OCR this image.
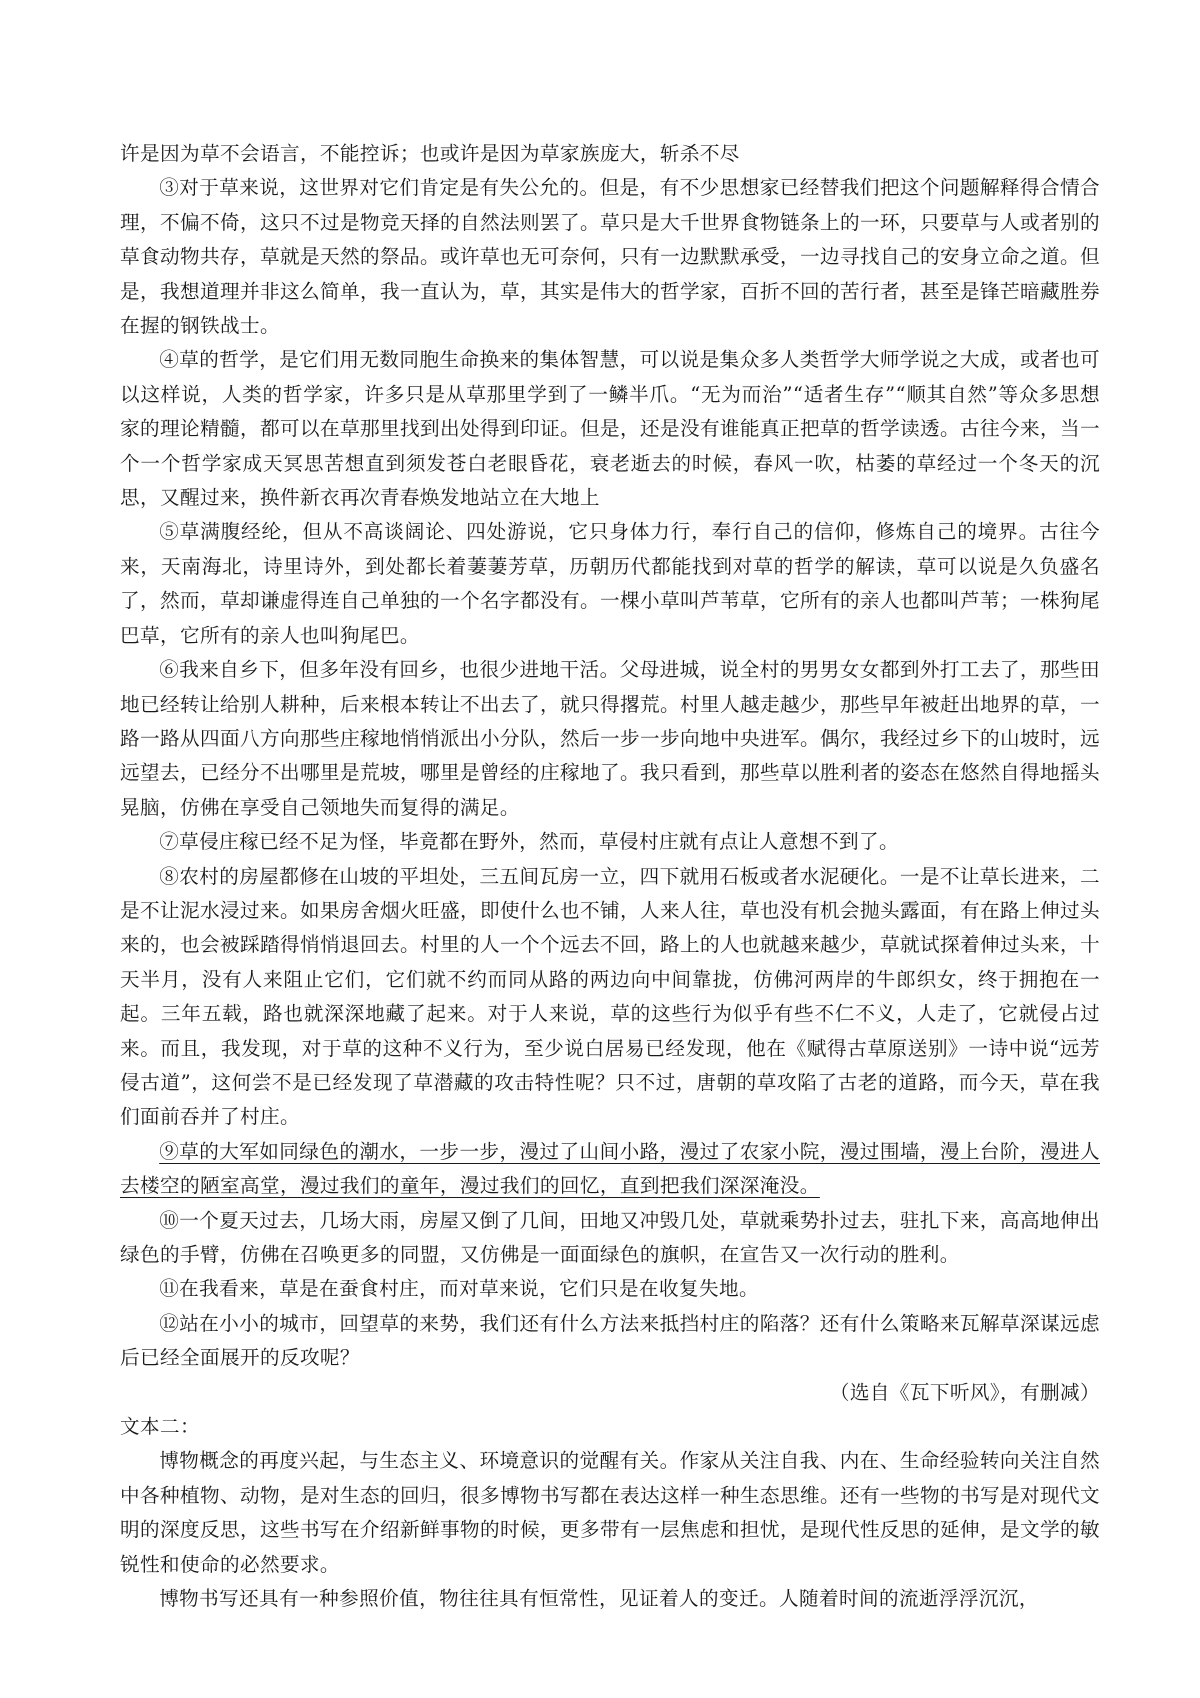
许是因为草不会语言，不能控诉；也或许是因为草家族庞大，斩杀不尽

③对于草来说，这世界对它们肯定是有失公允的。但是，有不少思想家已经替我们把这个问题解释得合情合理，不偏不倚，这只不过是物竞天择的自然法则罢了。草只是大千世界食物链条上的一环，只要草与人或者别的草食动物共存，草就是天然的祭品。或许草也无可奈何，只有一边默默承受，一边寻找自己的安身立命之道。但是，我想道理并非这么简单，我一直认为，草，其实是伟大的哲学家，百折不回的苦行者，甚至是锋芒暗藏胜券在握的钢铁战士。

④草的哲学，是它们用无数同胞生命换来的集体智慧，可以说是集众多人类哲学大师学说之大成，或者也可以这样说，人类的哲学家，许多只是从草那里学到了一鳞半爪。“无为而治”“适者生存”“顺其自然”等众多思想家的理论精髓，都可以在草那里找到出处得到印证。但是，还是没有谁能真正把草的哲学读透。古往今来，当一个一个哲学家成天冥思苦想直到须发苍白老眼昏花，衰老逝去的时候，春风一吹，枯萎的草经过一个冬天的沉思，又醒过来，换件新衣再次青春焕发地站立在大地上

⑤草满腹经纶，但从不高谈阔论、四处游说，它只身体力行，奉行自己的信仰，修炼自己的境界。古往今来，天南海北，诗里诗外，到处都长着萋萋芳草，历朝历代都能找到对草的哲学的解读，草可以说是久负盛名了，然而，草却谦虚得连自己单独的一个名字都没有。一棵小草叫芦苇草，它所有的亲人也都叫芦苇；一株狗尾巴草，它所有的亲人也叫狗尾巴。

⑥我来自乡下，但多年没有回乡，也很少进地干活。父母进城，说全村的男男女女都到外打工去了，那些田地已经转让给别人耕种，后来根本转让不出去了，就只得撂荒。村里人越走越少，那些早年被赶出地界的草，一路一路从四面八方向那些庄稼地悄悄派出小分队，然后一步一步向地中央进军。偶尔，我经过乡下的山坡时，远远望去，已经分不出哪里是荒坡，哪里是曾经的庄稼地了。我只看到，那些草以胜利者的姿态在悠然自得地摇头晃脑，仿佛在享受自己领地失而复得的满足。

⑦草侵庄稼已经不足为怪，毕竟都在野外，然而，草侵村庄就有点让人意想不到了。

⑧农村的房屋都修在山坡的平坦处，三五间瓦房一立，四下就用石板或者水泥硬化。一是不让草长进来，二是不让泥水浸过来。如果房舍烟火旺盛，即使什么也不铺，人来人往，草也没有机会抛头露面，有在路上伸过头来的，也会被踩踏得悄悄退回去。村里的人一个个远去不回，路上的人也就越来越少，草就试探着伸过头来，十天半月，没有人来阻止它们，它们就不约而同从路的两边向中间靠拢，仿佛河两岸的牛郎织女，终于拥抱在一起。三年五载，路也就深深地藏了起来。对于人来说，草的这些行为似乎有些不仁不义，人走了，它就侵占过来。而且，我发现，对于草的这种不义行为，至少说白居易已经发现，他在《赋得古草原送别》一诗中说“远芳侵古道”，这何尝不是已经发现了草潜藏的攻击特性呢？只不过，唐朝的草攻陷了古老的道路，而今天，草在我们面前吞并了村庄。

⑨草的大军如同绿色的潮水，一步一步，漫过了山间小路，漫过了农家小院，漫过围墙，漫上台阶，漫进人去楼空的陋室高堂，漫过我们的童年，漫过我们的回忆，直到把我们深深淹没。

⑩一个夏天过去，几场大雨，房屋又倒了几间，田地又冲毁几处，草就乘势扑过去，驻扎下来，高高地伸出绿色的手臂，仿佛在召唤更多的同盟，又仿佛是一面面绿色的旗帜，在宣告又一次行动的胜利。

⑪在我看来，草是在蚕食村庄，而对草来说，它们只是在收复失地。

⑫站在小小的城市，回望草的来势，我们还有什么方法来抵挡村庄的陷落？还有什么策略来瓦解草深谋远虑后已经全面展开的反攻呢？

（选自《瓦下听风》，有删减）

文本二：

博物概念的再度兴起，与生态主义、环境意识的觉醒有关。作家从关注自我、内在、生命经验转向关注自然中各种植物、动物，是对生态的回归，很多博物书写都在表达这样一种生态思维。还有一些物的书写是对现代文明的深度反思，这些书写在介绍新鲜事物的时候，更多带有一层焦虑和担忧，是现代性反思的延伸，是文学的敏锐性和使命的必然要求。

博物书写还具有一种参照价值，物往往具有恒常性，见证着人的变迁。人随着时间的流逝浮浮沉沉，
